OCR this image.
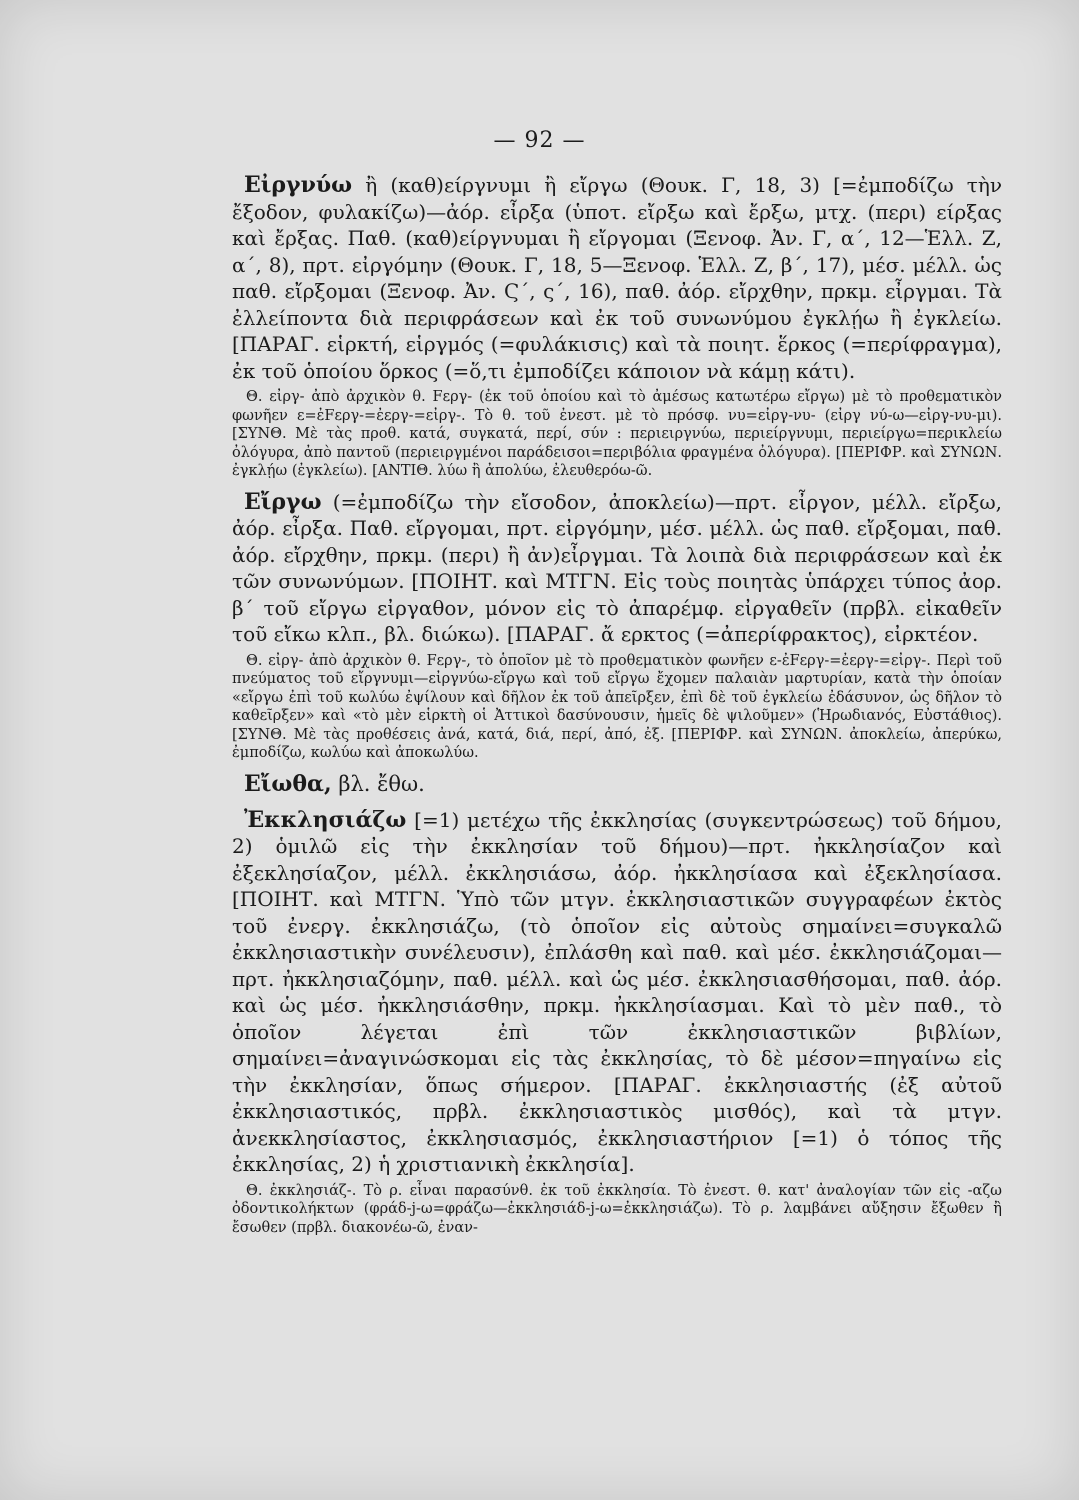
— 92 —

Εἰργνύω ἢ (καθ)είργνυμι ἢ εἴργω (Θουκ. Γ, 18, 3) [=ἐμποδίζω τὴν ἔξοδον, φυλακίζω)—ἀόρ. εἶρξα (ὑποτ. εἴρξω καὶ ἔρξω, μτχ. (περι) είρξας καὶ ἔρξας. Παθ. (καθ)είργνυμαι ἢ εἴργομαι (Ξενοφ. Ἀν. Γ, α΄, 12—Ἑλλ. Ζ, α΄, 8), πρτ. εἰργόμην (Θουκ. Γ, 18, 5—Ξενοφ. Ἑλλ. Ζ, β΄, 17), μέσ. μέλλ. ὡς παθ. εἴρξομαι (Ξενοφ. Ἀν. Ϛ΄, ς΄, 16), παθ. ἀόρ. εἴρχθην, πρκμ. εἶργμαι. Τὰ ἐλλείποντα διὰ περιφράσεων καὶ ἐκ τοῦ συνωνύμου ἐγκλῄω ἢ ἐγκλείω. [ΠΑΡΑΓ. εἱρκτή, εἱργμός (=φυλάκισις) καὶ τὰ ποιητ. ἕρκος (=περίφραγμα), ἐκ τοῦ ὁποίου ὅρκος (=ὅ,τι ἐμποδίζει κάποιον νὰ κάμῃ κάτι).

Θ. εἰργ- ἀπὸ ἀρχικὸν θ. Fεργ- (ἐκ τοῦ ὁποίου καὶ τὸ ἀμέσως κατωτέρω εἴργω) μὲ τὸ προθεματικὸν φωνῆεν ε=ἐFεργ-=ἐεργ-=εἰργ-. Τὸ θ. τοῦ ἐνεστ. μὲ τὸ πρόσφ. νυ=εἰργ-νυ- (εἰργ νύ-ω—εἰργ-νυ-μι). [ΣΥΝΘ. Μὲ τὰς προθ. κατά, συγκατά, περί, σύν : περιειργνύω, περιείργνυμι, περιείργω=περικλείω ὀλόγυρα, ἀπὸ παντοῦ (περιειργμένοι παράδεισοι=περιβόλια φραγμένα ὀλόγυρα). [ΠΕΡΙΦΡ. καὶ ΣΥΝΩΝ. ἐγκλῄω (ἐγκλείω). [ΑΝΤΙΘ. λύω ἢ ἀπολύω, ἐλευθερόω-ῶ.

Εἴργω (=ἐμποδίζω τὴν εἴσοδον, ἀποκλείω)—πρτ. εἶργον, μέλλ. εἴρξω, ἀόρ. εἶρξα. Παθ. εἴργομαι, πρτ. εἰργόμην, μέσ. μέλλ. ὡς παθ. εἴρξομαι, παθ. ἀόρ. εἴρχθην, πρκμ. (περι) ἢ ἀν)εἶργμαι. Τὰ λοιπὰ διὰ περιφράσεων καὶ ἐκ τῶν συνωνύμων. [ΠΟΙΗΤ. καὶ ΜΤΓΝ. Εἰς τοὺς ποιητὰς ὑπάρχει τύπος ἀορ. β΄ τοῦ εἴργω εἰργαθον, μόνον εἰς τὸ ἀπαρέμφ. εἰργαθεῖν (πρβλ. εἰκαθεῖν τοῦ εἴκω κλπ., βλ. διώκω). [ΠΑΡΑΓ. ἄ ερκτος (=ἀπερίφρακτος), εἰρκτέον.

Θ. εἰργ- ἀπὸ ἀρχικὸν θ. Fεργ-, τὸ ὁποῖον μὲ τὸ προθεματικὸν φωνῆεν ε-ἐFεργ-=ἐεργ-=εἰργ-. Περὶ τοῦ πνεύματος τοῦ εἴργνυμι—εἰργνύω-εἴργω καὶ τοῦ εἴργω ἔχομεν παλαιὰν μαρτυρίαν, κατὰ τὴν ὁποίαν «εἴργω ἐπὶ τοῦ κωλύω ἐψίλουν καὶ δῆλον ἐκ τοῦ ἀπεῖρξεν, ἐπὶ δὲ τοῦ ἐγκλείω ἐδάσυνον, ὡς δῆλον τὸ καθεῖρξεν» καὶ «τὸ μὲν εἱρκτὴ οἱ Ἀττικοὶ δασύνουσιν, ἡμεῖς δὲ ψιλοῦμεν» (Ἡρωδιανός, Εὐστάθιος). [ΣΥΝΘ. Μὲ τὰς προθέσεις ἀνά, κατά, διά, περί, ἀπό, ἐξ. [ΠΕΡΙΦΡ. καὶ ΣΥΝΩΝ. ἀποκλείω, ἀπερύκω, ἐμποδίζω, κωλύω καὶ ἀποκωλύω.

Εἴωθα, βλ. ἔθω.

Ἐκκλησιάζω [=1) μετέχω τῆς ἐκκλησίας (συγκεντρώσεως) τοῦ δήμου, 2) ὁμιλῶ εἰς τὴν ἐκκλησίαν τοῦ δήμου)—πρτ. ἠκκλησίαζον καὶ ἐξεκλησίαζον, μέλλ. ἐκκλησιάσω, ἀόρ. ἠκκλησίασα καὶ ἐξεκλησίασα. [ΠΟΙΗΤ. καὶ ΜΤΓΝ. Ὑπὸ τῶν μτγν. ἐκκλησιαστικῶν συγγραφέων ἐκτὸς τοῦ ἐνεργ. ἐκκλησιάζω, (τὸ ὁποῖον εἰς αὐτοὺς σημαίνει=συγκαλῶ ἐκκλησιαστικὴν συνέλευσιν), ἐπλάσθη καὶ παθ. καὶ μέσ. ἐκκλησιάζομαι—πρτ. ἠκκλησιαζόμην, παθ. μέλλ. καὶ ὡς μέσ. ἐκκλησιασθήσομαι, παθ. ἀόρ. καὶ ὡς μέσ. ἠκκλησιάσθην, πρκμ. ἠκκλησίασμαι. Καὶ τὸ μὲν παθ., τὸ ὁποῖον λέγεται ἐπὶ τῶν ἐκκλησιαστικῶν βιβλίων, σημαίνει=ἀναγινώσκομαι εἰς τὰς ἐκκλησίας, τὸ δὲ μέσον=πηγαίνω εἰς τὴν ἐκκλησίαν, ὅπως σήμερον. [ΠΑΡΑΓ. ἐκκλησιαστής (ἐξ αὐτοῦ ἐκκλησιαστικός, πρβλ. ἐκκλησιαστικὸς μισθός), καὶ τὰ μτγν. ἀνεκκλησίαστος, ἐκκλησιασμός, ἐκκλησιαστήριον [=1) ὁ τόπος τῆς ἐκκλησίας, 2) ἡ χριστιανικὴ ἐκκλησία].

Θ. ἐκκλησιάζ-. Τὸ ρ. εἶναι παρασύνθ. ἐκ τοῦ ἐκκλησία. Τὸ ἐνεστ. θ. κατ' ἀναλογίαν τῶν εἰς -αζω ὀδοντικολήκτων (φράδ-j-ω=φράζω—ἐκκλησιάδ-j-ω=ἐκκλησιάζω). Τὸ ρ. λαμβάνει αὔξησιν ἔξωθεν ἢ ἔσωθεν (πρβλ. διακονέω-ῶ, ἐναν-
